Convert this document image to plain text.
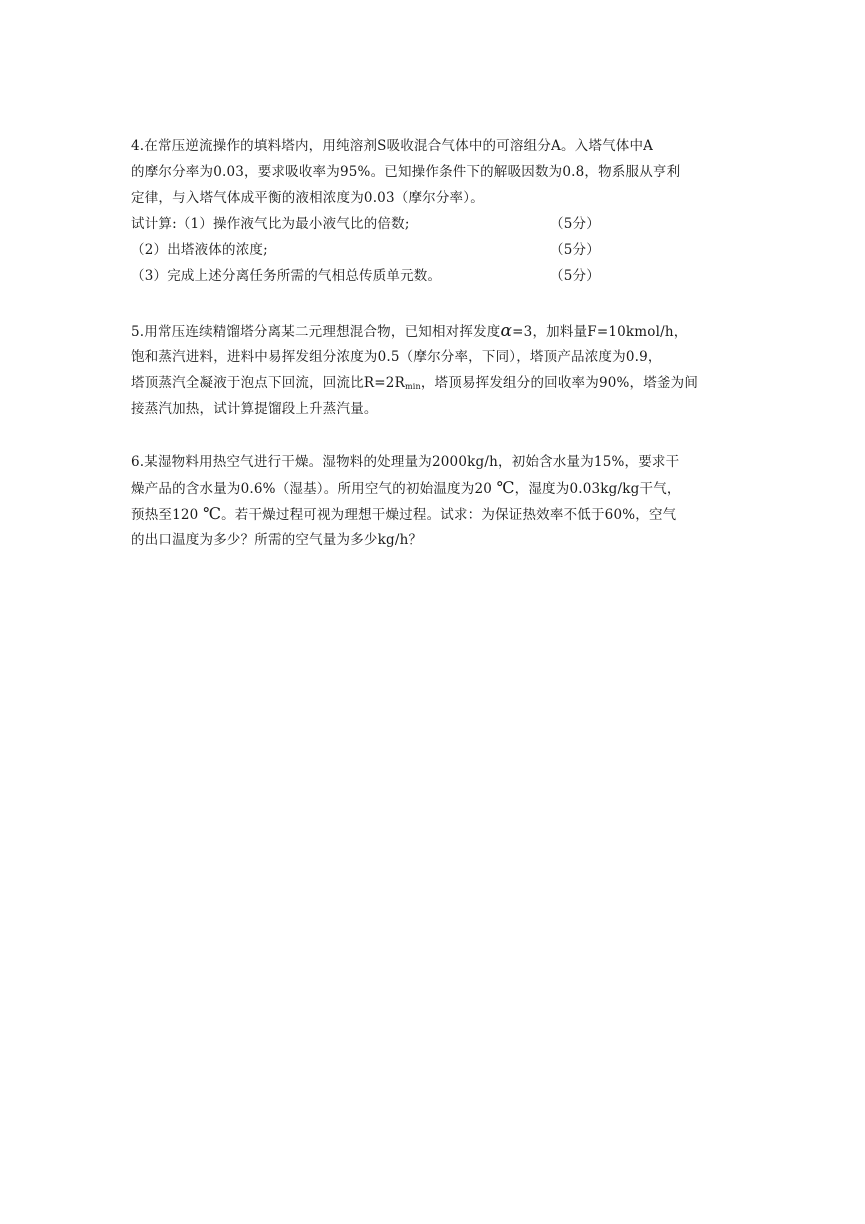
4.在常压逆流操作的填料塔内，用纯溶剂S吸收混合气体中的可溶组分A。入塔气体中A
的摩尔分率为0.03，要求吸收率为95%。已知操作条件下的解吸因数为0.8，物系服从亨利
定律，与入塔气体成平衡的液相浓度为0.03（摩尔分率）。
试计算:（1）操作液气比为最小液气比的倍数;	（5分）
（2）出塔液体的浓度;	（5分）
（3）完成上述分离任务所需的气相总传质单元数。	（5分）
5.用常压连续精馏塔分离某二元理想混合物，已知相对挥发度α=3，加料量F=10kmol/h，
饱和蒸汽进料，进料中易挥发组分浓度为0.5（摩尔分率，下同），塔顶产品浓度为0.9，
塔顶蒸汽全凝液于泡点下回流，回流比$R=2R_{min}$，塔顶易挥发组分的回收率为90%，塔釜为间
接蒸汽加热，试计算提馏段上升蒸汽量。
6.某湿物料用热空气进行干燥。湿物料的处理量为2000kg/h，初始含水量为15%，要求干
燥产品的含水量为0.6%（湿基）。所用空气的初始温度为20 ℃，湿度为0.03kg/kg干气，
预热至120 ℃。若干燥过程可视为理想干燥过程。试求：为保证热效率不低于60%，空气
的出口温度为多少？所需的空气量为多少kg/h？
